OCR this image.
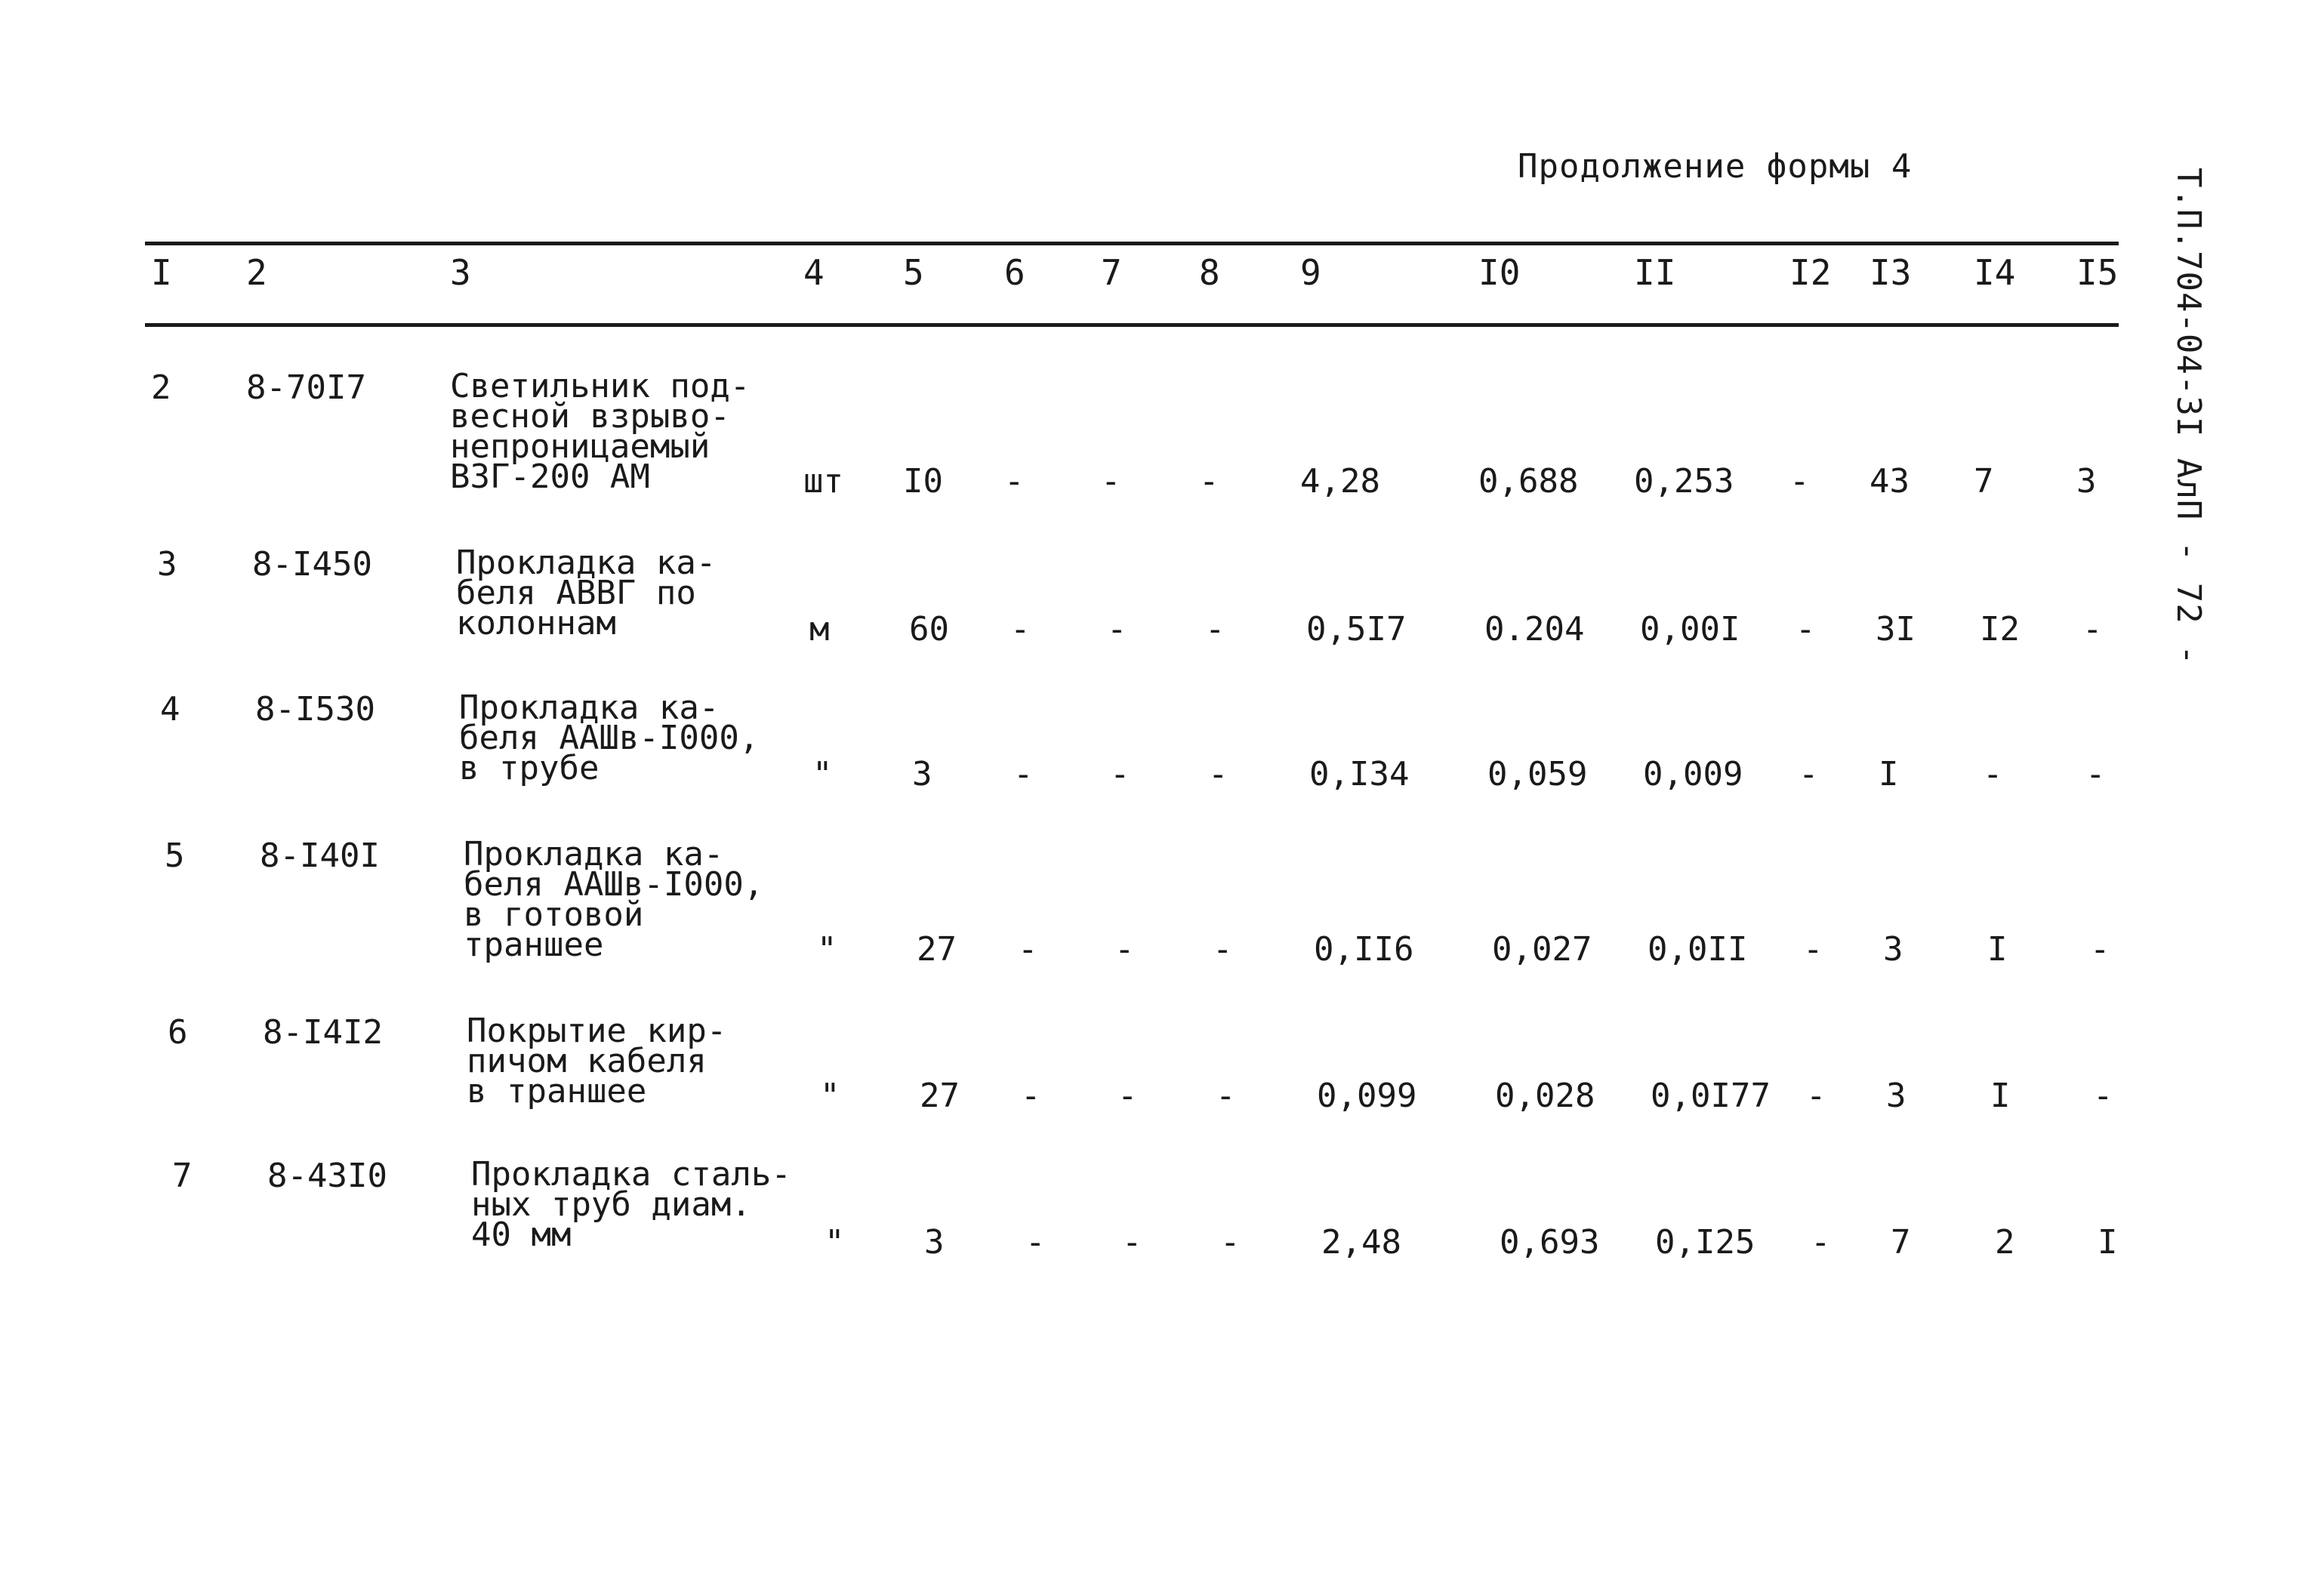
Продолжение формы 4
Т.П.704-04-3I АлП - 72 -
I 2	3	4 5 6 7 8 9	I0	II	I2 I3 I4 I5
2 8-70I7	Светильник под-
весной взрыво-
непроницаемый
ВЗГ-200 АМ	шт I0 - - - 4,28	0,688 0,253 - 43 7 3
3 8-I450	Прокладка ка-
беля АВВГ по
колоннам	м 60 - - - 0,5I7 0.204 0,00I - 3I I2 -
4 8-I530	Прокладка ка-
беля ААШв-I000,
в трубе	" 3 - - - 0,I34 0,059 0,009 - I	- -
5 8-I40I	Прокладка ка-
беля ААШв-I000,
в готовой
траншее	" 27 - - - 0,II6 0,027 0,0II - 3	I -
6 8-I4I2	Покрытие кир-
пичом кабеля
в траншее	" 27 - - - 0,099 0,028 0,0I77 - 3	I -
7 8-43I0	Прокладка сталь-
ных труб диам.
40 мм	" 3 - - - 2,48	0,693 0,I25 - 7	2 I
